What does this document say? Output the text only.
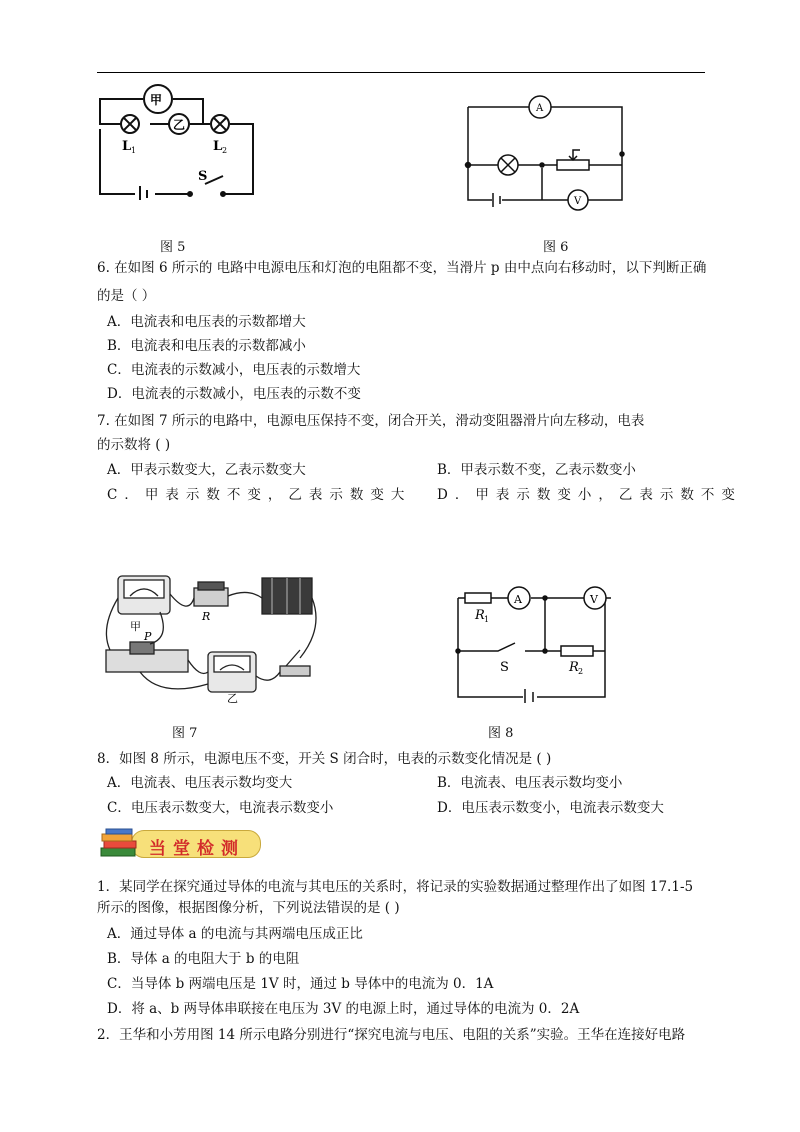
甲
乙
L 1	L 2
S
图 5
A
V
图 6
6. 在如图 6 所示的 电路中电源电压和灯泡的电阻都不变，当滑片 p 由中点向右移动时，以下判断正确
的是（ ）
A．电流表和电压表的示数都增大
B．电流表和电压表的示数都减小
C．电流表的示数减小，电压表的示数增大
D．电流表的示数减小，电压表的示数不变
7. 在如图 7 所示的电路中，电源电压保持不变，闭合开关，滑动变阻器滑片向左移动，电表
的示数将 ( )
A．甲表示数变大，乙表示数变大	B．甲表示数不变，乙表示数变小
C．甲表示数不变，乙表示数变大 D．甲表示数变小，乙表示数不变
甲
乙
P
R
图 7
A	V
R 1
R 2
S
图 8
8．如图 8 所示，电源电压不变，开关 S 闭合时，电表的示数变化情况是 ( )
A．电流表、电压表示数均变大	B．电流表、电压表示数均变小
C．电压表示数变大，电流表示数变小	D．电压表示数变小，电流表示数变大
当堂检测
1．某同学在探究通过导体的电流与其电压的关系时，将记录的实验数据通过整理作出了如图 17.1-5
所示的图像，根据图像分析，下列说法错误的是 ( )
A．通过导体 a 的电流与其两端电压成正比
B．导体 a 的电阻大于 b 的电阻
C．当导体 b 两端电压是 1V 时，通过 b 导体中的电流为 0．1A
D．将 a、b 两导体串联接在电压为 3V 的电源上时，通过导体的电流为 0．2A
2．王华和小芳用图 14 所示电路分别进行“探究电流与电压、电阻的关系”实验。王华在连接好电路
